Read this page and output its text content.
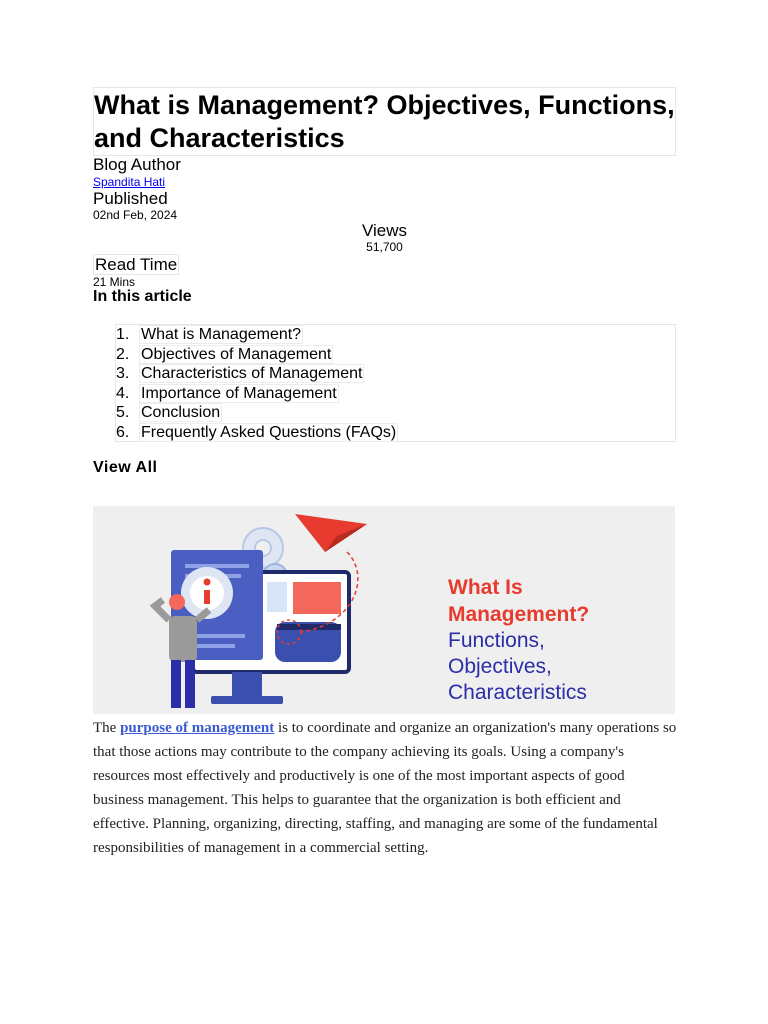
What is Management? Objectives, Functions, and Characteristics
Blog Author
Spandita Hati
Published
02nd Feb, 2024
Views
51,700
Read Time
21 Mins
In this article
1. What is Management?
2. Objectives of Management
3. Characteristics of Management
4. Importance of Management
5. Conclusion
6. Frequently Asked Questions (FAQs)
View All
What Is
Management?
Functions,
Objectives,
Characteristics

The purpose of management is to coordinate and organize an organization's many operations so that those actions may contribute to the company achieving its goals. Using a company's resources most effectively and productively is one of the most important aspects of good business management. This helps to guarantee that the organization is both efficient and effective. Planning, organizing, directing, staffing, and managing are some of the fundamental responsibilities of management in a commercial setting.
